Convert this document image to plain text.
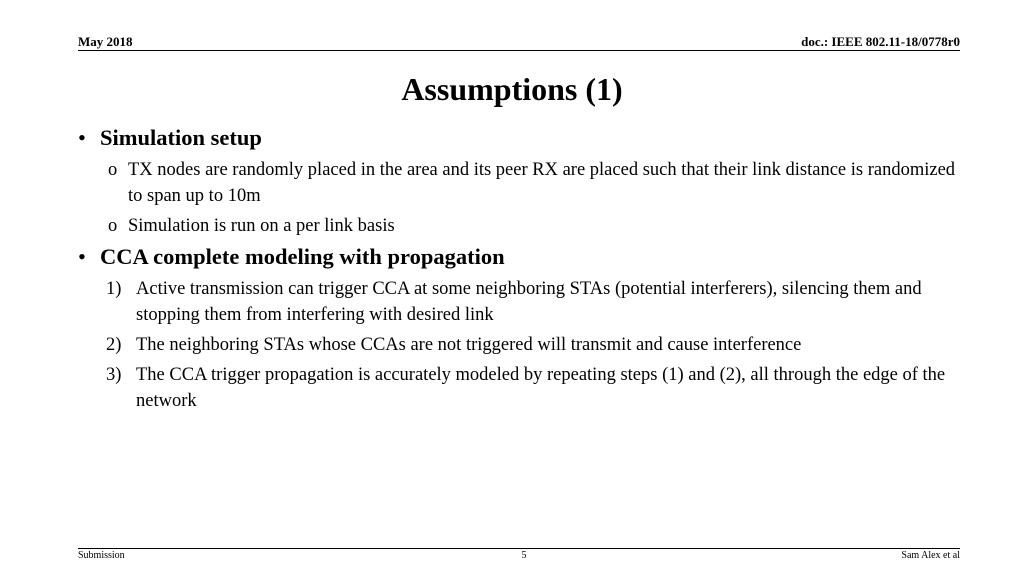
May 2018	doc.: IEEE 802.11-18/0778r0
Assumptions (1)
• Simulation setup
o TX nodes are randomly placed in the area and its peer RX are placed such that their link distance is randomized to span up to 10m
o Simulation is run on a per link basis
• CCA complete modeling with propagation
1) Active transmission can trigger CCA at some neighboring STAs (potential interferers), silencing them and stopping them from interfering with desired link
2) The neighboring STAs whose CCAs are not triggered will transmit and cause interference
3) The CCA trigger propagation is accurately modeled by repeating steps (1) and (2), all through the edge of the network
Submission	5	Sam Alex et al
